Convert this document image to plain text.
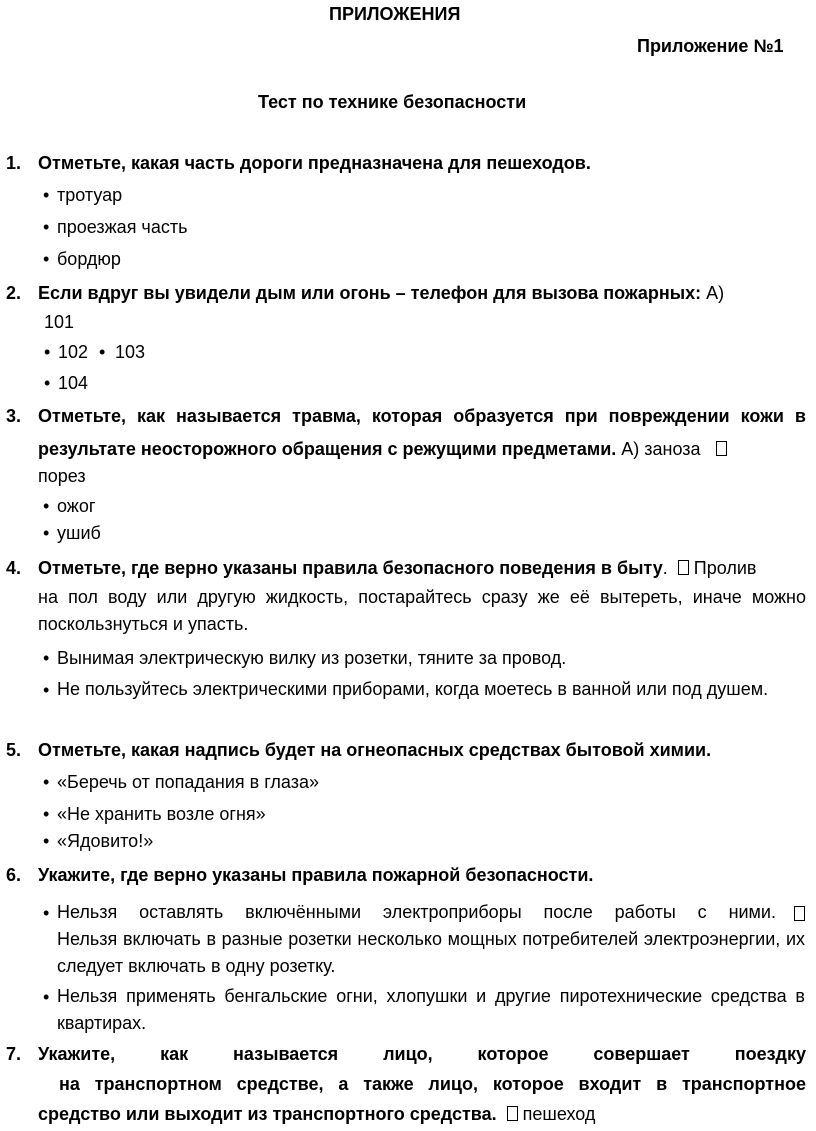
ПРИЛОЖЕНИЯ
Приложение №1
Тест по технике безопасности
1. Отметьте, какая часть дороги предназначена для пешеходов.
• тротуар
• проезжая часть
• бордюр
2. Если вдруг вы увидели дым или огонь – телефон для вызова пожарных: А)
101
• 102 • 103
• 104
3. Отметьте, как называется травма, которая образуется при повреждении кожи в
результате неосторожного обращения с режущими предметами. А) заноза
порез
• ожог
• ушиб
4. Отметьте, где верно указаны правила безопасного поведения в быту. Пролив
на пол воду или другую жидкость, постарайтесь сразу же её вытереть, иначе можно поскользнуться и упасть.
• Вынимая электрическую вилку из розетки, тяните за провод.
• Не пользуйтесь электрическими приборами, когда моетесь в ванной или под душем.
5. Отметьте, какая надпись будет на огнеопасных средствах бытовой химии.
• «Беречь от попадания в глаза»
• «Не хранить возле огня»
• «Ядовито!»
6. Укажите, где верно указаны правила пожарной безопасности.
• Нельзя оставлять включёнными электроприборы после работы с ними.
Нельзя включать в разные розетки несколько мощных потребителей электроэнергии, их следует включать в одну розетку.
• Нельзя применять бенгальские огни, хлопушки и другие пиротехнические средства в квартирах.
7. Укажите, как называется лицо, которое совершает поездку
на транспортном средстве, а также лицо, которое входит в транспортное
средство или выходит из транспортного средства. пешеход
